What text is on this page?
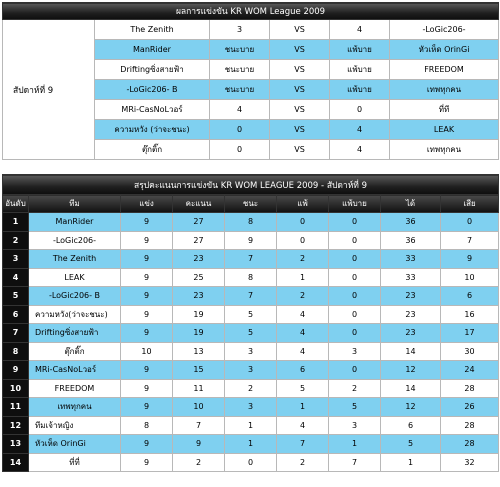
ผลการแข่งขัน KR WOM League 2009					
สัปดาห์ที่ 9	The Zenith	3	VS	4	-LoGic206-
	ManRider	ชนะบาย	VS	แพ้บาย	หัวเห็ด OrinGi
	Driftingซิ่งสายฟ้า	ชนะบาย	VS	แพ้บาย	FREEDOM
	-LoGic206- B	ชนะบาย	VS	แพ้บาย	เทพทุกคน
	MRi-CasNoLวอร์	4	VS	0	ที่ที
	ความหวัง (ว่าจะชนะ)	0	VS	4	LEAK
	ตุ๊กติ๊ก	0	VS	4	เทพทุกคน
สรุปคะแนนการแข่งขัน KR WOM LEAGUE 2009 - สัปดาห์ที่ 9								
อันดับ	ทีม	แข่ง	คะแนน	ชนะ	แพ้	แพ้บาย	ได้	เสีย
1	ManRider	9	27	8	0	0	36	0
2	-LoGic206-	9	27	9	0	0	36	7
3	The Zenith	9	23	7	2	0	33	9
4	LEAK	9	25	8	1	0	33	10
5	-LoGic206- B	9	23	7	2	0	23	6
6	ความหวัง(ว่าจะชนะ)	9	19	5	4	0	23	16
7	Driftingซิ่งสายฟ้า	9	19	5	4	0	23	17
8	ตุ๊กติ๊ก	10	13	3	4	3	14	30
9	MRi-CasNoLวอร์	9	15	3	6	0	12	24
10	FREEDOM	9	11	2	5	2	14	28
11	เทพทุกคน	9	10	3	1	5	12	26
12	ทีมเจ้าหญิง	8	7	1	4	3	6	28
13	หัวเห็ด OrinGi	9	9	1	7	1	5	28
14	ที่ที่	9	2	0	2	7	1	32
